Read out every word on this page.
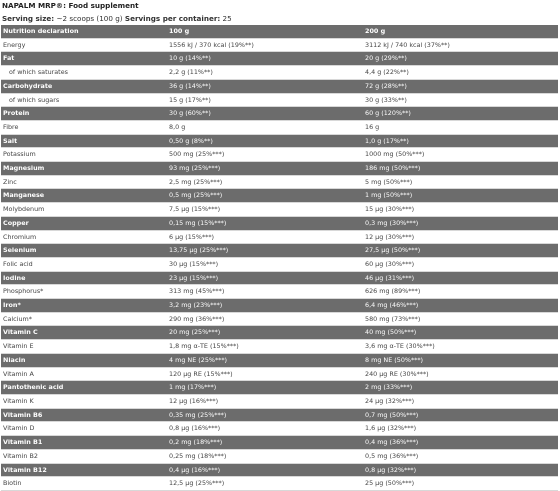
NAPALM MRP®: Food supplement
Serving size: ~2 scoops (100 g) Servings per container: 25
Nutrition declaration	100 g	200 g
Energy	1556 kJ / 370 kcal (19%**)	3112 kJ / 740 kcal (37%**)
Fat	10 g (14%**)	20 g (29%**)
of which saturates	2,2 g (11%**)	4,4 g (22%**)
Carbohydrate	36 g (14%**)	72 g (28%**)
of which sugars	15 g (17%**)	30 g (33%**)
Protein	30 g (60%**)	60 g (120%**)
Fibre	8,0 g	16 g
Salt	0,50 g (8%**)	1,0 g (17%**)
Potassium	500 mg (25%***)	1000 mg (50%***)
Magnesium	93 mg (25%***)	186 mg (50%***)
Zinc	2,5 mg (25%***)	5 mg (50%***)
Manganese	0,5 mg (25%***)	1 mg (50%***)
Molybdenum	7,5 µg (15%***)	15 µg (30%***)
Copper	0,15 mg (15%***)	0,3 mg (30%***)
Chromium	6 µg (15%***)	12 µg (30%***)
Selenium	13,75 µg (25%***)	27,5 µg (50%***)
Folic acid	30 µg (15%***)	60 µg (30%***)
Iodine	23 µg (15%***)	46 µg (31%***)
Phosphorus*	313 mg (45%***)	626 mg (89%***)
Iron*	3,2 mg (23%***)	6,4 mg (46%***)
Calcium*	290 mg (36%***)	580 mg (73%***)
Vitamin C	20 mg (25%***)	40 mg (50%***)
Vitamin E	1,8 mg α-TE (15%***)	3,6 mg α-TE (30%***)
Niacin	4 mg NE (25%***)	8 mg NE (50%***)
Vitamin A	120 µg RE (15%***)	240 µg RE (30%***)
Pantothenic acid	1 mg (17%***)	2 mg (33%***)
Vitamin K	12 µg (16%***)	24 µg (32%***)
Vitamin B6	0,35 mg (25%***)	0,7 mg (50%***)
Vitamin D	0,8 µg (16%***)	1,6 µg (32%***)
Vitamin B1	0,2 mg (18%***)	0,4 mg (36%***)
Vitamin B2	0,25 mg (18%***)	0,5 mg (36%***)
Vitamin B12	0,4 µg (16%***)	0,8 µg (32%***)
Biotin	12,5 µg (25%***)	25 µg (50%***)
